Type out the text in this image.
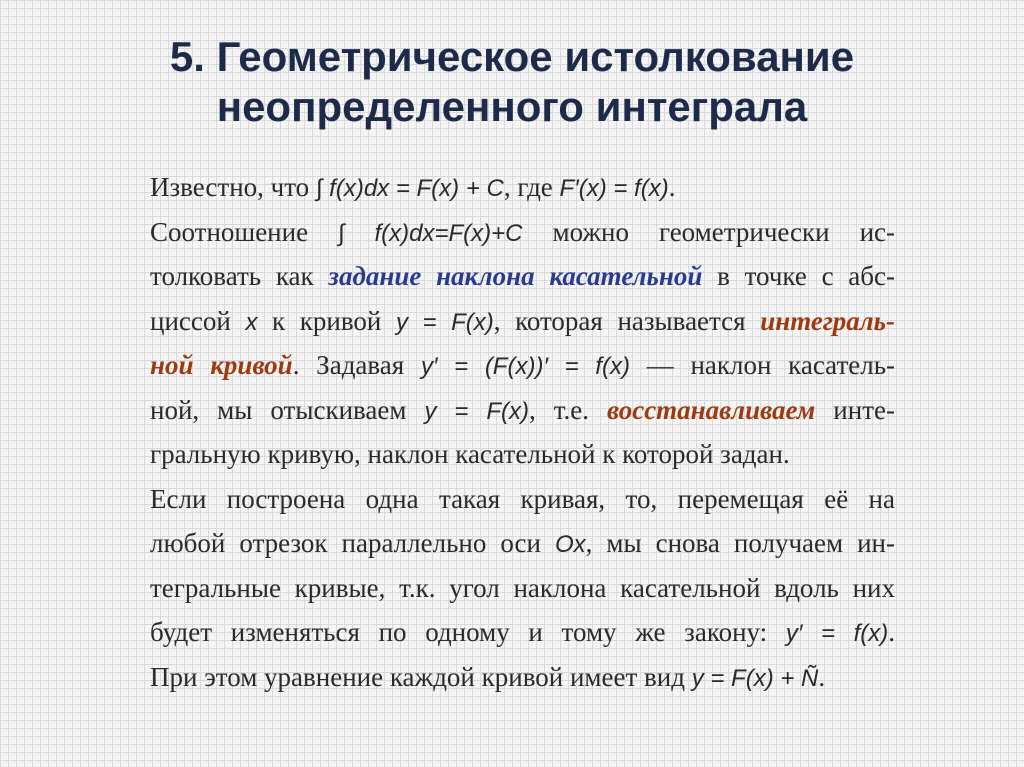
5. Геометрическое истолкование
неопределенного интеграла
Известно, что ∫ f(x)dx = F(x) + C, где F′(x) = f(x).
Соотношение ∫ f(x)dx=F(x)+C можно геометрически ис-
толковать как задание наклона касательной в точке с абс-
циссой x к кривой y = F(x), которая называется интеграль-
ной кривой. Задавая y′ = (F(x))′ = f(x) — наклон касатель-
ной, мы отыскиваем y = F(x), т.е. восстанавливаем инте-
гральную кривую, наклон касательной к которой задан.
Если построена одна такая кривая, то, перемещая её на
любой отрезок параллельно оси Ox, мы снова получаем ин-
тегральные кривые, т.к. угол наклона касательной вдоль них
будет изменяться по одному и тому же закону: y′ = f(x).
При этом уравнение каждой кривой имеет вид y = F(x) + Ñ.
